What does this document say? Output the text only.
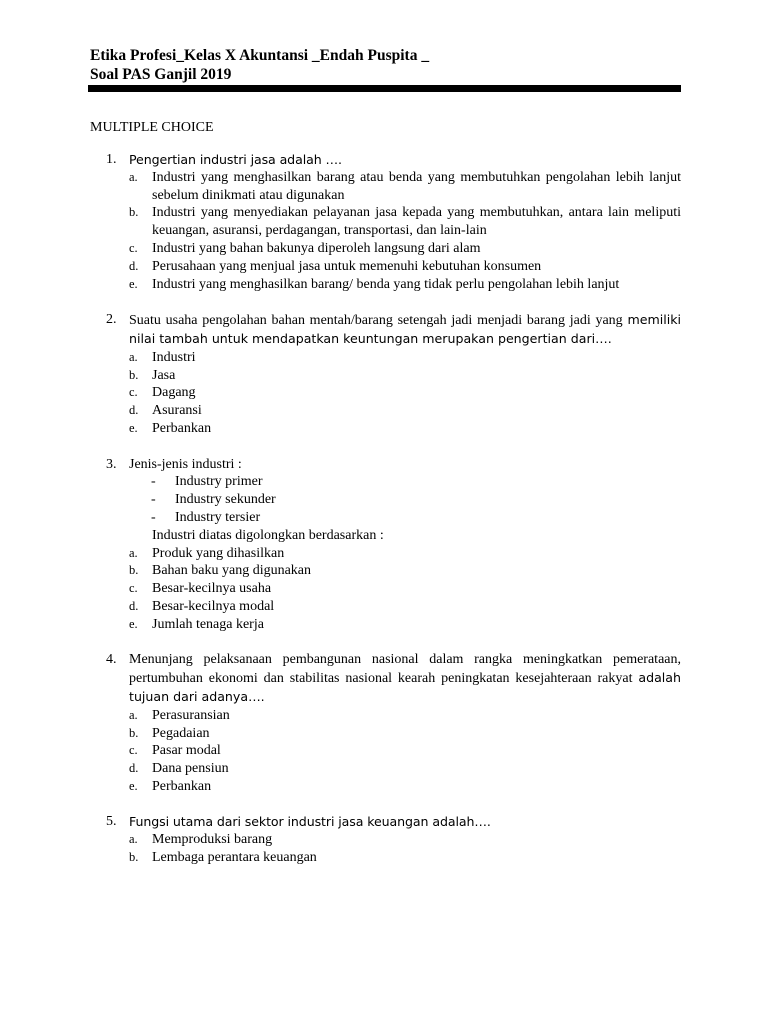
Etika Profesi_Kelas X Akuntansi _Endah Puspita _
Soal PAS Ganjil 2019
MULTIPLE CHOICE
1. Pengertian industri jasa adalah ….
a. Industri yang menghasilkan barang atau benda yang membutuhkan pengolahan lebih lanjut sebelum dinikmati atau digunakan
b. Industri yang menyediakan pelayanan jasa kepada yang membutuhkan, antara lain meliputi keuangan, asuransi, perdagangan, transportasi, dan lain-lain
c. Industri yang bahan bakunya diperoleh langsung dari alam
d. Perusahaan yang menjual jasa untuk memenuhi kebutuhan konsumen
e. Industri yang menghasilkan barang/ benda yang tidak perlu pengolahan lebih lanjut
2. Suatu usaha pengolahan bahan mentah/barang setengah jadi menjadi barang jadi yang memiliki nilai tambah untuk mendapatkan keuntungan merupakan pengertian dari….
a. Industri
b. Jasa
c. Dagang
d. Asuransi
e. Perbankan
3. Jenis-jenis industri :
- Industry primer
- Industry sekunder
- Industry tersier
Industri diatas digolongkan berdasarkan :
a. Produk yang dihasilkan
b. Bahan baku yang digunakan
c. Besar-kecilnya usaha
d. Besar-kecilnya modal
e. Jumlah tenaga kerja
4. Menunjang pelaksanaan pembangunan nasional dalam rangka meningkatkan pemerataan, pertumbuhan ekonomi dan stabilitas nasional kearah peningkatan kesejahteraan rakyat adalah tujuan dari adanya….
a. Perasuransian
b. Pegadaian
c. Pasar modal
d. Dana pensiun
e. Perbankan
5. Fungsi utama dari sektor industri jasa keuangan adalah….
a. Memproduksi barang
b. Lembaga perantara keuangan
